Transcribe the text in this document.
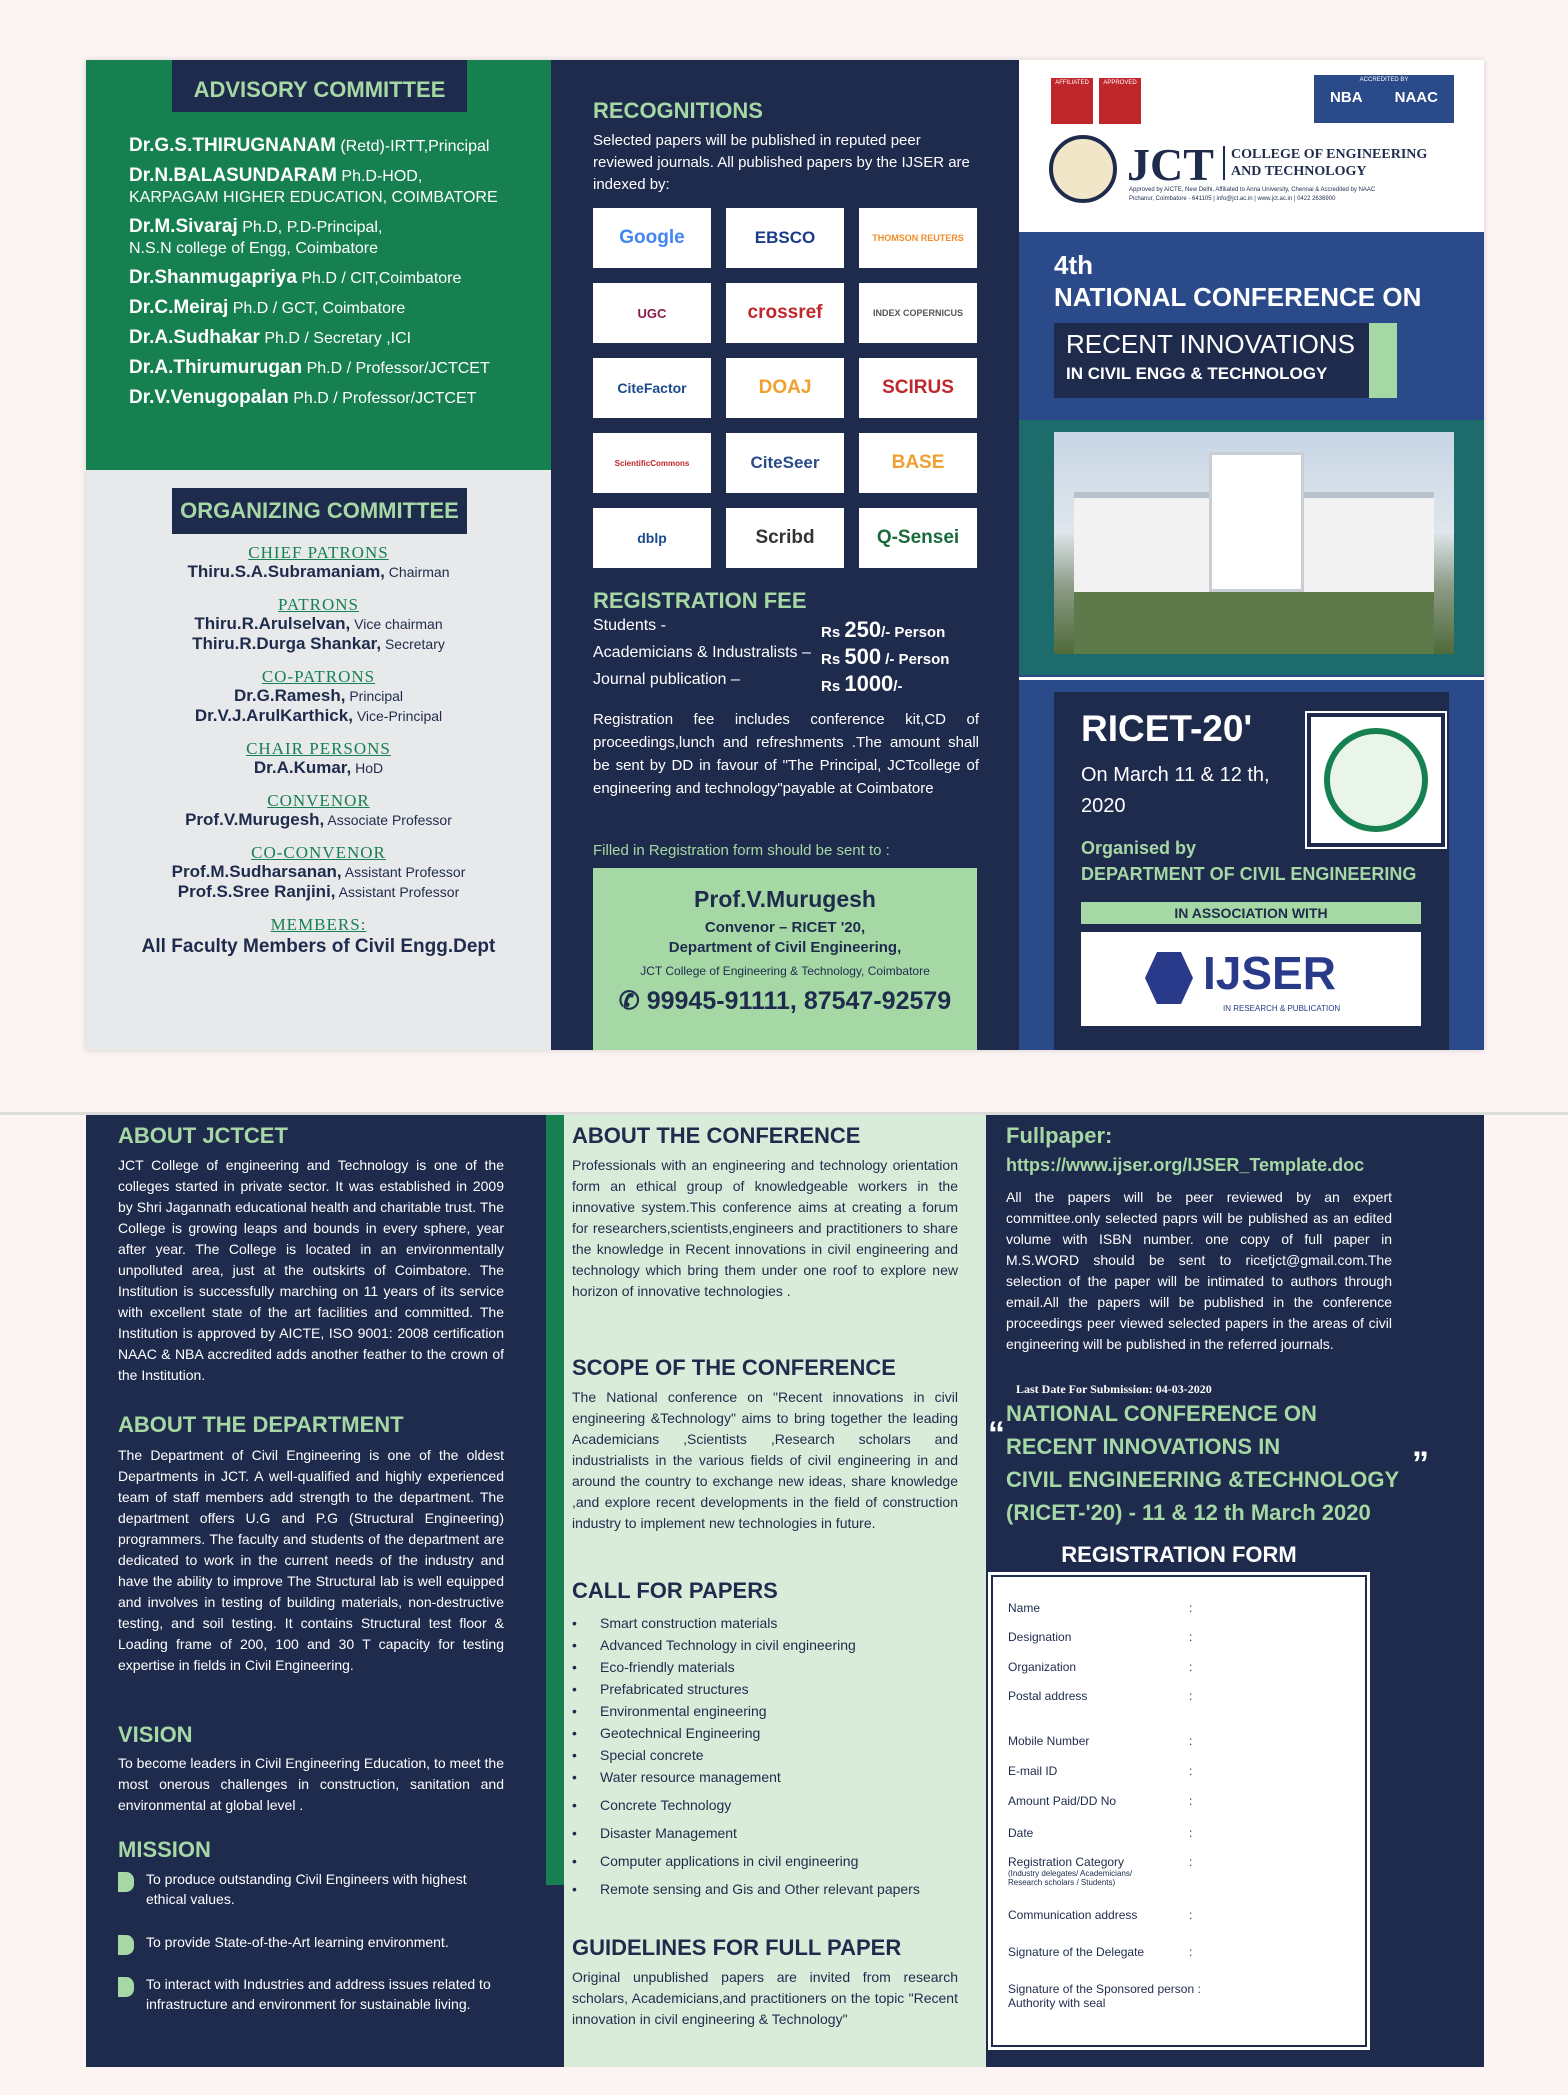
ADVISORY COMMITTEE
Dr.G.S.THIRUGNANAM (Retd)-IRTT,Principal
Dr.N.BALASUNDARAM Ph.D-HOD,
KARPAGAM HIGHER EDUCATION, COIMBATORE
Dr.M.Sivaraj Ph.D, P.D-Principal,
N.S.N college of Engg, Coimbatore
Dr.Shanmugapriya Ph.D / CIT,Coimbatore
Dr.C.Meiraj Ph.D / GCT, Coimbatore
Dr.A.Sudhakar Ph.D / Secretary ,ICI
Dr.A.Thirumurugan Ph.D / Professor/JCTCET
Dr.V.Venugopalan Ph.D / Professor/JCTCET
ORGANIZING COMMITTEE
CHIEF PATRONS
Thiru.S.A.Subramaniam, Chairman
PATRONS
Thiru.R.Arulselvan, Vice chairman
Thiru.R.Durga Shankar, Secretary
CO-PATRONS
Dr.G.Ramesh, Principal
Dr.V.J.ArulKarthick, Vice-Principal
CHAIR PERSONS
Dr.A.Kumar, HoD
CONVENOR
Prof.V.Murugesh, Associate Professor
CO-CONVENOR
Prof.M.Sudharsanan, Assistant Professor
Prof.S.Sree Ranjini, Assistant Professor
MEMBERS:
All Faculty Members of Civil Engg.Dept
RECOGNITIONS
Selected papers will be published in reputed peer reviewed journals. All published papers by the IJSER are indexed by:
Google	EBSCO	THOMSON REUTERS
UGC	crossref	INDEX COPERNICUS
CiteFactor	DOAJ	SCIRUS
ScientificCommons	CiteSeer	BASE
dblp	Scribd	Q-Sensei
REGISTRATION FEE
Students -	Rs 250/- Person
Academicians & Industralists – Rs 500 /- Person
Journal publication –	Rs 1000/-
Registration fee includes conference kit,CD of proceedings,lunch and refreshments .The amount shall be sent by DD in favour of "The Principal, JCTcollege of engineering and technology"payable at Coimbatore
Filled in Registration form should be sent to :
Prof.V.Murugesh
Convenor – RICET '20,
Department of Civil Engineering,
JCT College of Engineering & Technology, Coimbatore
✆ 99945-91111, 87547-92579
AFFILIATED	APPROVED	ACCREDITED BY
NBA NAAC
JCT COLLEGE OF ENGINEERING
AND TECHNOLOGY
Approved by AICTE, New Delhi, Affiliated to Anna University, Chennai & Accredited by NAAC
Pichanur, Coimbatore - 641105 | info@jct.ac.in | www.jct.ac.in | 0422 2636900
4th
NATIONAL CONFERENCE ON
RECENT INNOVATIONS
IN CIVIL ENGG & TECHNOLOGY
RICET-20'
On March 11 & 12 th, 2020
Organised by
DEPARTMENT OF CIVIL ENGINEERING
IN ASSOCIATION WITH
IJSER
IN RESEARCH & PUBLICATION
ABOUT JCTCET
JCT College of engineering and Technology is one of the colleges started in private sector. It was established in 2009 by Shri Jagannath educational health and charitable trust. The College is growing leaps and bounds in every sphere, year after year. The College is located in an environmentally unpolluted area, just at the outskirts of Coimbatore. The Institution is successfully marching on 11 years of its service with excellent state of the art facilities and committed. The Institution is approved by AICTE, ISO 9001: 2008 certification NAAC & NBA accredited adds another feather to the crown of the Institution.
ABOUT THE DEPARTMENT
The Department of Civil Engineering is one of the oldest Departments in JCT. A well-qualified and highly experienced team of staff members add strength to the department. The department offers U.G and P.G (Structural Engineering) programmers. The faculty and students of the department are dedicated to work in the current needs of the industry and have the ability to improve The Structural lab is well equipped and involves in testing of building materials, non-destructive testing, and soil testing. It contains Structural test floor & Loading frame of 200, 100 and 30 T capacity for testing expertise in fields in Civil Engineering.
VISION
To become leaders in Civil Engineering Education, to meet the most onerous challenges in construction, sanitation and environmental at global level .
MISSION
To produce outstanding Civil Engineers with highest ethical values.
To provide State-of-the-Art learning environment.
To interact with Industries and address issues related to infrastructure and environment for sustainable living.
ABOUT THE CONFERENCE
Professionals with an engineering and technology orientation form an ethical group of knowledgeable workers in the innovative system.This conference aims at creating a forum for researchers,scientists,engineers and practitioners to share the knowledge in Recent innovations in civil engineering and technology which bring them under one roof to explore new horizon of innovative technologies .
SCOPE OF THE CONFERENCE
The National conference on "Recent innovations in civil engineering &Technology" aims to bring together the leading Academicians ,Scientists ,Research scholars and industrialists in the various fields of civil engineering in and around the country to exchange new ideas, share knowledge ,and explore recent developments in the field of construction industry to implement new technologies in future.
CALL FOR PAPERS
• Smart construction materials
• Advanced Technology in civil engineering
• Eco-friendly materials
• Prefabricated structures
• Environmental engineering
• Geotechnical Engineering
• Special concrete
• Water resource management
• Concrete Technology
• Disaster Management
• Computer applications in civil engineering
• Remote sensing and Gis and Other relevant papers
GUIDELINES FOR FULL PAPER
Original unpublished papers are invited from research scholars, Academicians,and practitioners on the topic "Recent innovation in civil engineering & Technology"
Fullpaper:
https://www.ijser.org/IJSER_Template.doc
All the papers will be peer reviewed by an expert committee.only selected paprs will be published as an edited volume with ISBN number. one copy of full paper in M.S.WORD should be sent to ricetjct@gmail.com.The selection of the paper will be intimated to authors through email.All the papers will be published in the conference proceedings peer viewed selected papers in the areas of civil engineering will be published in the referred journals.
Last Date For Submission: 04-03-2020
NATIONAL CONFERENCE ON
RECENT INNOVATIONS IN
CIVIL ENGINEERING &TECHNOLOGY
(RICET-'20) - 11 & 12 th March 2020
“
”
REGISTRATION FORM
Name	:
Designation	:
Organization	:
Postal address	:
Mobile Number	:
E-mail ID	:
Amount Paid/DD No	:
Date	:
Registration Category
(Industry delegates/ Academicians/
Research scholars / Students)
:
Communication address	:
Signature of the Delegate	:
Signature of the Sponsored person :
Authority with seal
